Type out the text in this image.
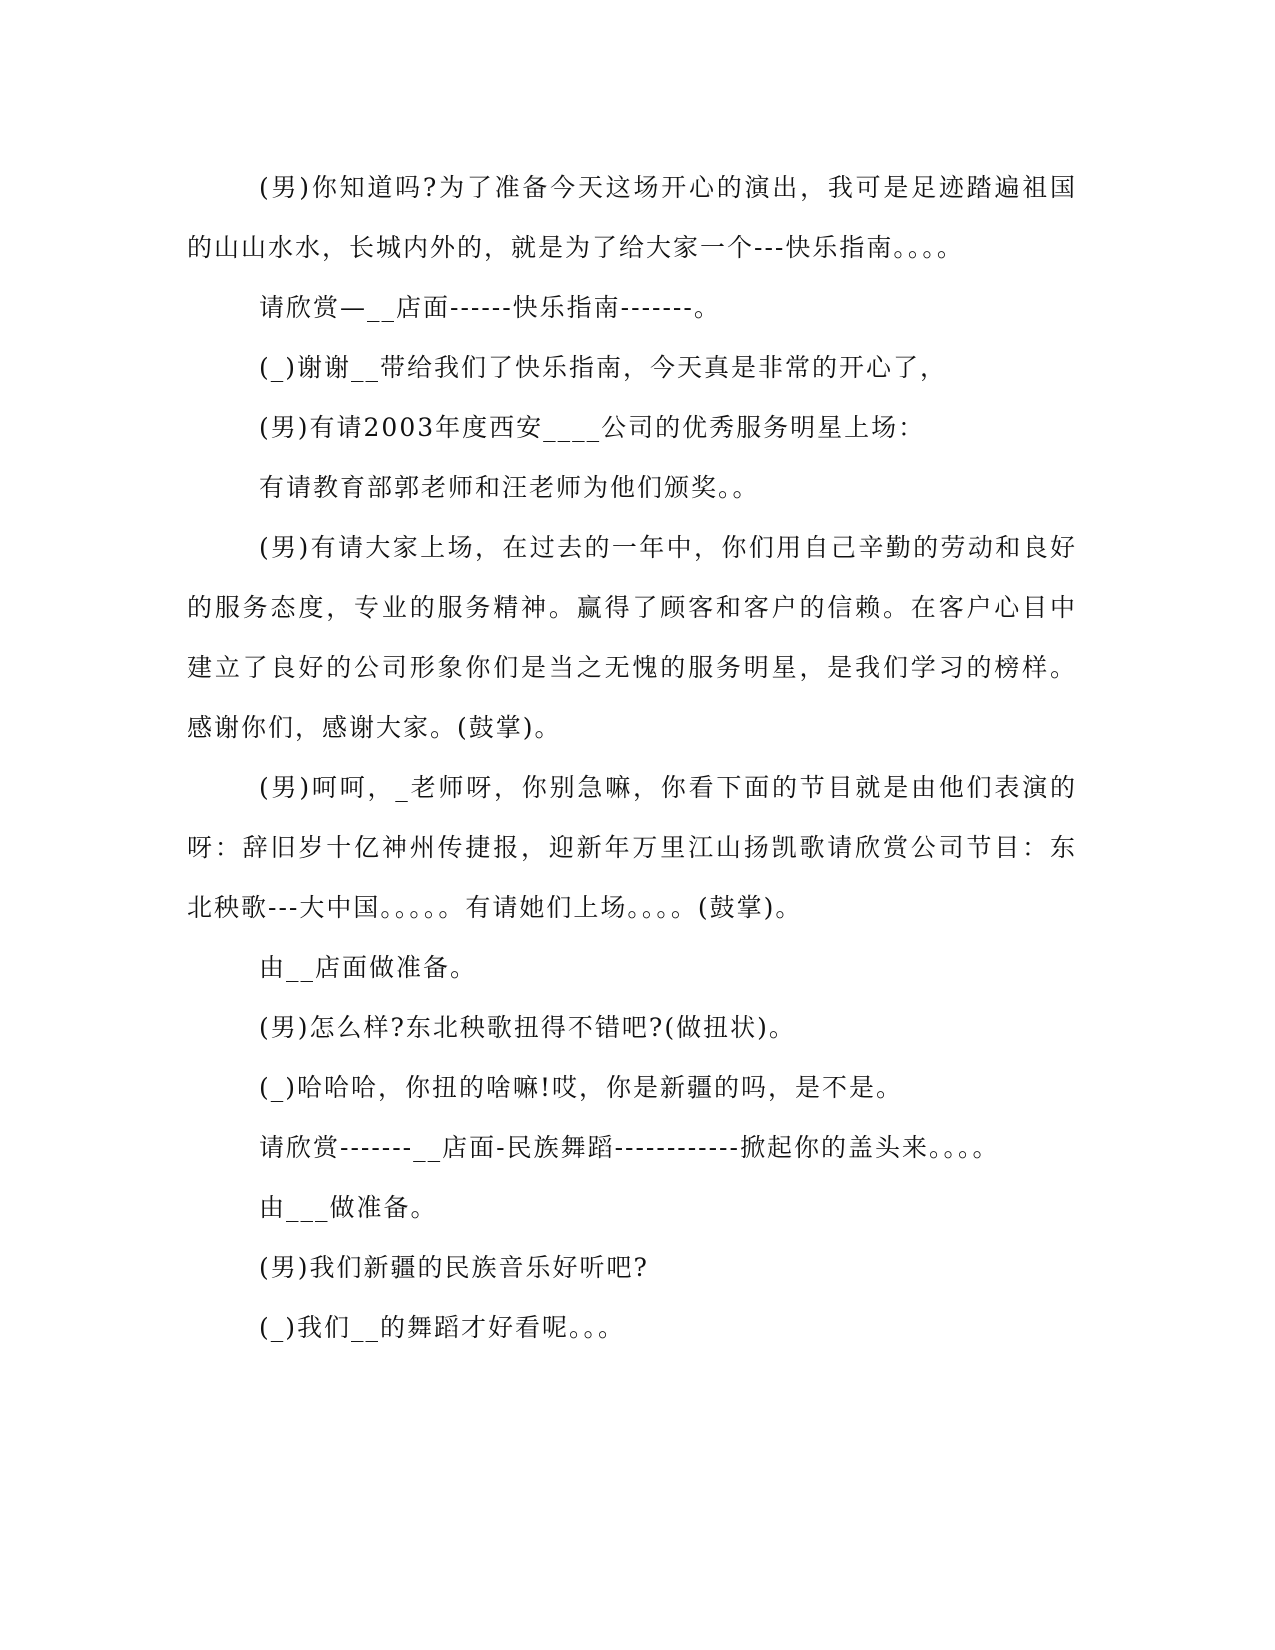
(男)你知道吗?为了准备今天这场开心的演出，我可是足迹踏遍祖国的山山水水，长城内外的，就是为了给大家一个---快乐指南。。。。

请欣赏—__店面------快乐指南-------。

(_)谢谢__带给我们了快乐指南，今天真是非常的开心了，

(男)有请2003年度西安____公司的优秀服务明星上场：

有请教育部郭老师和汪老师为他们颁奖。。

(男)有请大家上场，在过去的一年中，你们用自己辛勤的劳动和良好的服务态度，专业的服务精神。赢得了顾客和客户的信赖。在客户心目中建立了良好的公司形象你们是当之无愧的服务明星，是我们学习的榜样。感谢你们，感谢大家。(鼓掌)。

(男)呵呵，_老师呀，你别急嘛，你看下面的节目就是由他们表演的呀：辞旧岁十亿神州传捷报，迎新年万里江山扬凯歌请欣赏公司节目：东北秧歌---大中国。。。。。有请她们上场。。。。(鼓掌)。

由__店面做准备。

(男)怎么样?东北秧歌扭得不错吧?(做扭状)。

(_)哈哈哈，你扭的啥嘛!哎，你是新疆的吗，是不是。

请欣赏-------__店面-民族舞蹈------------掀起你的盖头来。。。。

由___做准备。

(男)我们新疆的民族音乐好听吧?

(_)我们__的舞蹈才好看呢。。。
